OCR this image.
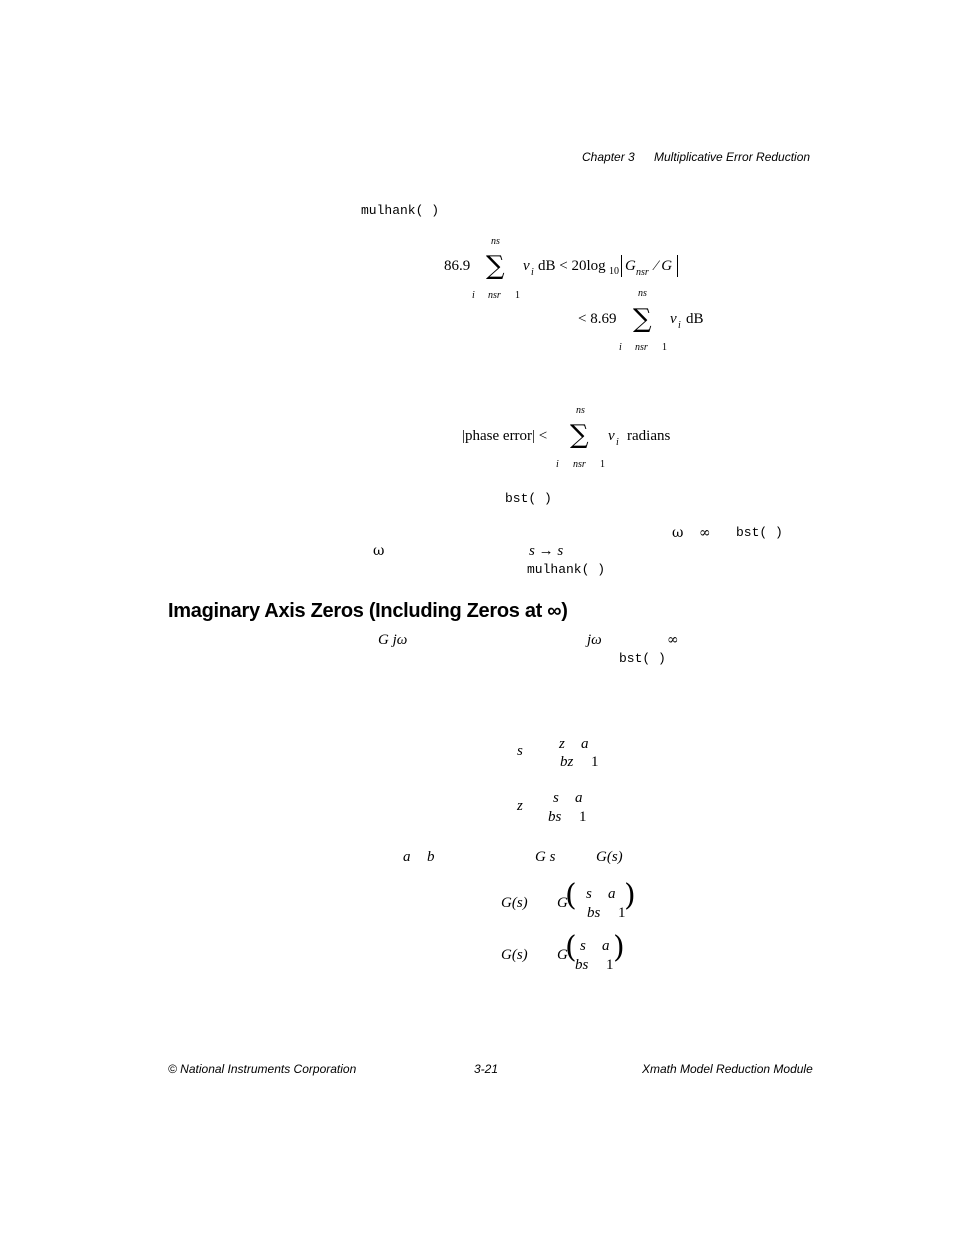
Chapter 3 Multiplicative Error Reduction
mulhank( )
ns
86.9 ∑
i nsr 1
v i dB < 20log 10 G nsr ⁄ G
ns
< 8.69 ∑
i nsr 1
v i dB
ns
|phase error| < ∑
i nsr 1
v i radians
bst( )
ω ∞ bst( )
ω	s → s
mulhank( )
Imaginary Axis Zeros (Including Zeros at ∞)
G jω	jω	∞
bst( )
s z a
bz 1
z s a
bs 1
a b	G s	G(s)
G(s) G
( s a
bs 1
)
G(s) G
( s a
bs 1 )
© National Instruments Corporation	3-21	Xmath Model Reduction Module
